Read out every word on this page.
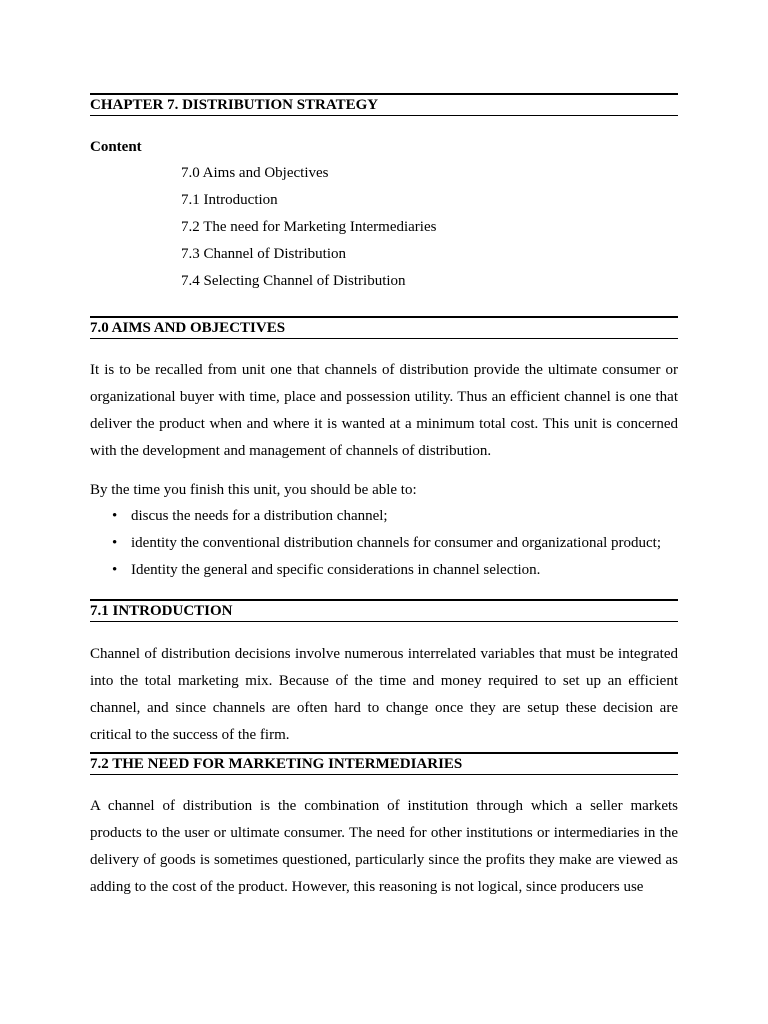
CHAPTER 7. DISTRIBUTION STRATEGY
Content
7.0 Aims and Objectives
7.1 Introduction
7.2 The need for Marketing Intermediaries
7.3 Channel of Distribution
7.4 Selecting Channel of Distribution
7.0 AIMS AND OBJECTIVES

It is to be recalled from unit one that channels of distribution provide the ultimate consumer or organizational buyer with time, place and possession utility. Thus an efficient channel is one that deliver the product when and where it is wanted at a minimum total cost. This unit is concerned with the development and management of channels of distribution.

By the time you finish this unit, you should be able to:
• discus the needs for a distribution channel;
• identity the conventional distribution channels for consumer and organizational product;
• Identity the general and specific considerations in channel selection.
7.1 INTRODUCTION

Channel of distribution decisions involve numerous interrelated variables that must be integrated into the total marketing mix. Because of the time and money required to set up an efficient channel, and since channels are often hard to change once they are setup these decision are critical to the success of the firm.

7.2 THE NEED FOR MARKETING INTERMEDIARIES

A channel of distribution is the combination of institution through which a seller markets products to the user or ultimate consumer. The need for other institutions or intermediaries in the delivery of goods is sometimes questioned, particularly since the profits they make are viewed as adding to the cost of the product. However, this reasoning is not logical, since producers use
